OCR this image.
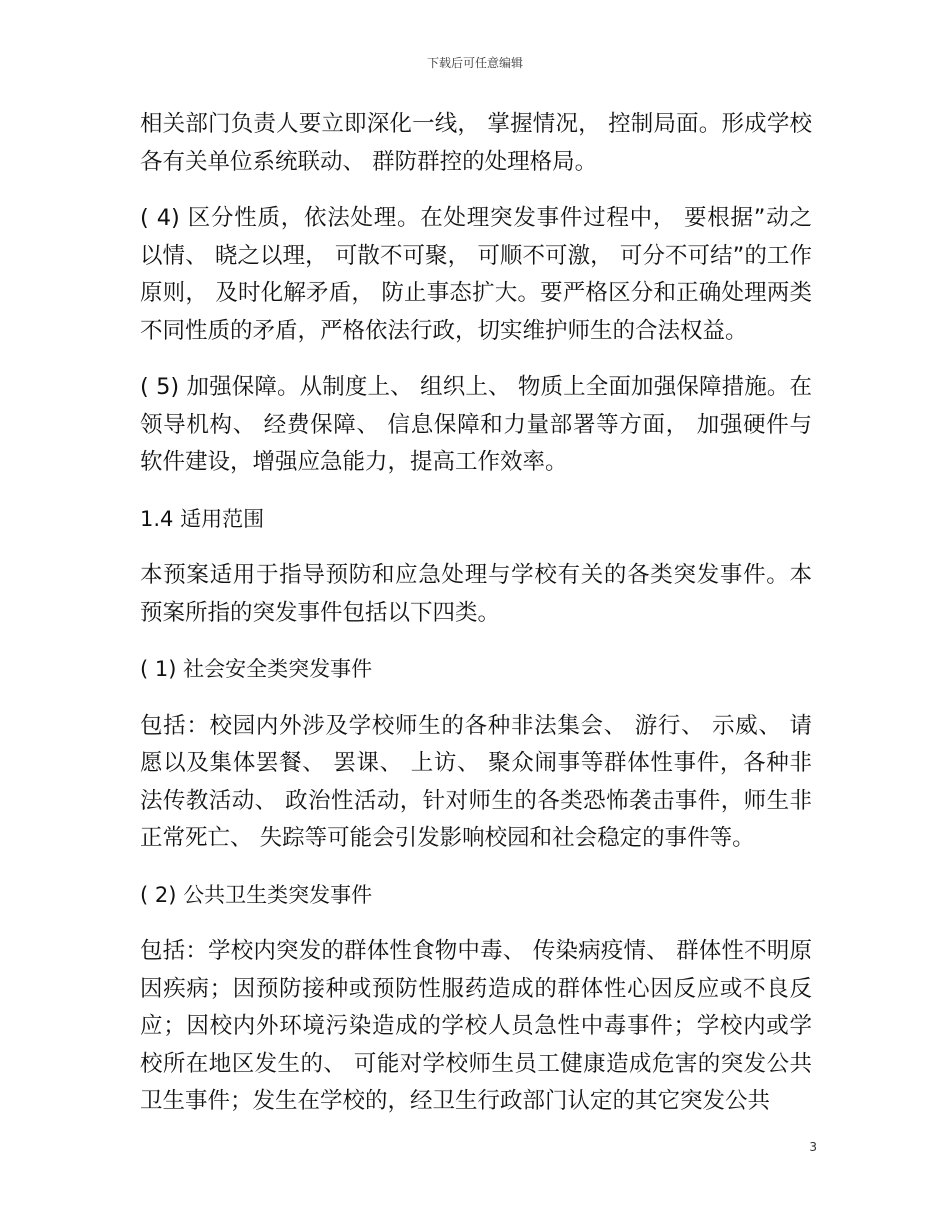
下载后可任意编辑

相关部门负责人要立即深化一线， 掌握情况， 控制局面。形成学校各有关单位系统联动、 群防群控的处理格局。

( 4) 区分性质，依法处理。在处理突发事件过程中， 要根据”动之以情、 晓之以理， 可散不可聚， 可顺不可激， 可分不可结”的工作原则， 及时化解矛盾， 防止事态扩大。要严格区分和正确处理两类不同性质的矛盾，严格依法行政，切实维护师生的合法权益。

( 5) 加强保障。从制度上、 组织上、 物质上全面加强保障措施。在领导机构、 经费保障、 信息保障和力量部署等方面， 加强硬件与软件建设，增强应急能力，提高工作效率。

1.4 适用范围

本预案适用于指导预防和应急处理与学校有关的各类突发事件。本预案所指的突发事件包括以下四类。

( 1) 社会安全类突发事件

包括：校园内外涉及学校师生的各种非法集会、 游行、 示威、 请愿以及集体罢餐、 罢课、 上访、 聚众闹事等群体性事件，各种非法传教活动、 政治性活动，针对师生的各类恐怖袭击事件，师生非正常死亡、 失踪等可能会引发影响校园和社会稳定的事件等。

( 2) 公共卫生类突发事件

包括：学校内突发的群体性食物中毒、 传染病疫情、 群体性不明原因疾病；因预防接种或预防性服药造成的群体性心因反应或不良反应；因校内外环境污染造成的学校人员急性中毒事件；学校内或学校所在地区发生的、 可能对学校师生员工健康造成危害的突发公共卫生事件；发生在学校的，经卫生行政部门认定的其它突发公共

3
